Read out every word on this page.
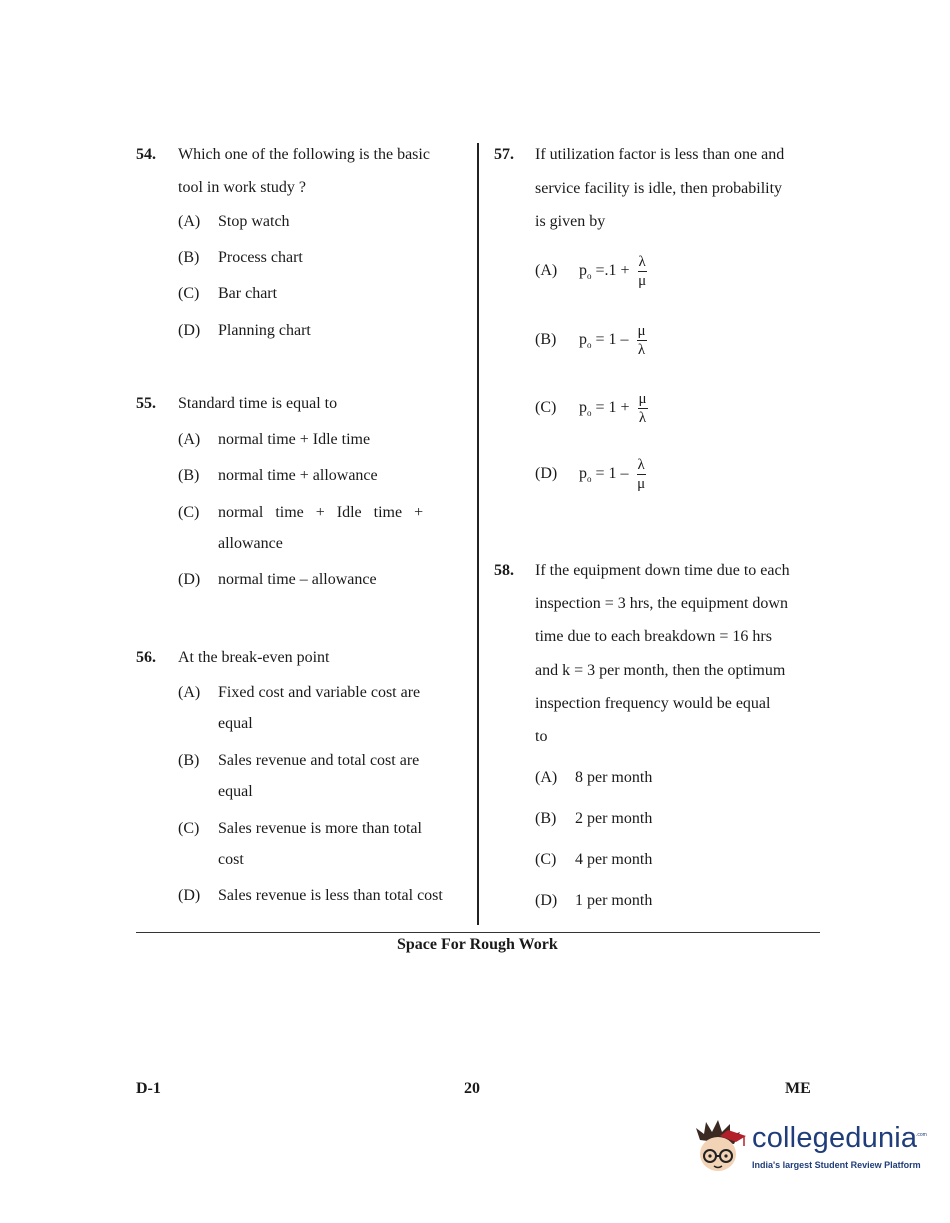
54. Which one of the following is the basic
tool in work study ?
(A) Stop watch
(B) Process chart
(C) Bar chart
(D) Planning chart
55. Standard time is equal to
(A) normal time + Idle time
(B) normal time + allowance
(C) normal   time   +   Idle   time   +
allowance
(D) normal time – allowance
56. At the break-even point
(A) Fixed cost and variable cost are
equal
(B) Sales revenue and total cost are
equal
(C) Sales revenue is more than total
cost
(D) Sales revenue is less than total cost
57. If utilization factor is less than one and
service facility is idle, then probability
is given by
(A) $p_o =.1 + \frac{\lambda}{\mu}$
(B) $p_o = 1 - \frac{\mu}{\lambda}$
(C) $p_o = 1 + \frac{\mu}{\lambda}$
(D) $p_o = 1 - \frac{\lambda}{\mu}$
58. If the equipment down time due to each
inspection = 3 hrs, the equipment down
time due to each breakdown = 16 hrs
and k = 3 per month, then the optimum
inspection frequency would be equal
to
(A) 8 per month
(B) 2 per month
(C) 4 per month
(D) 1 per month
Space For Rough Work
D-1	20	ME
collegedunia
.com
India's largest Student Review Platform
